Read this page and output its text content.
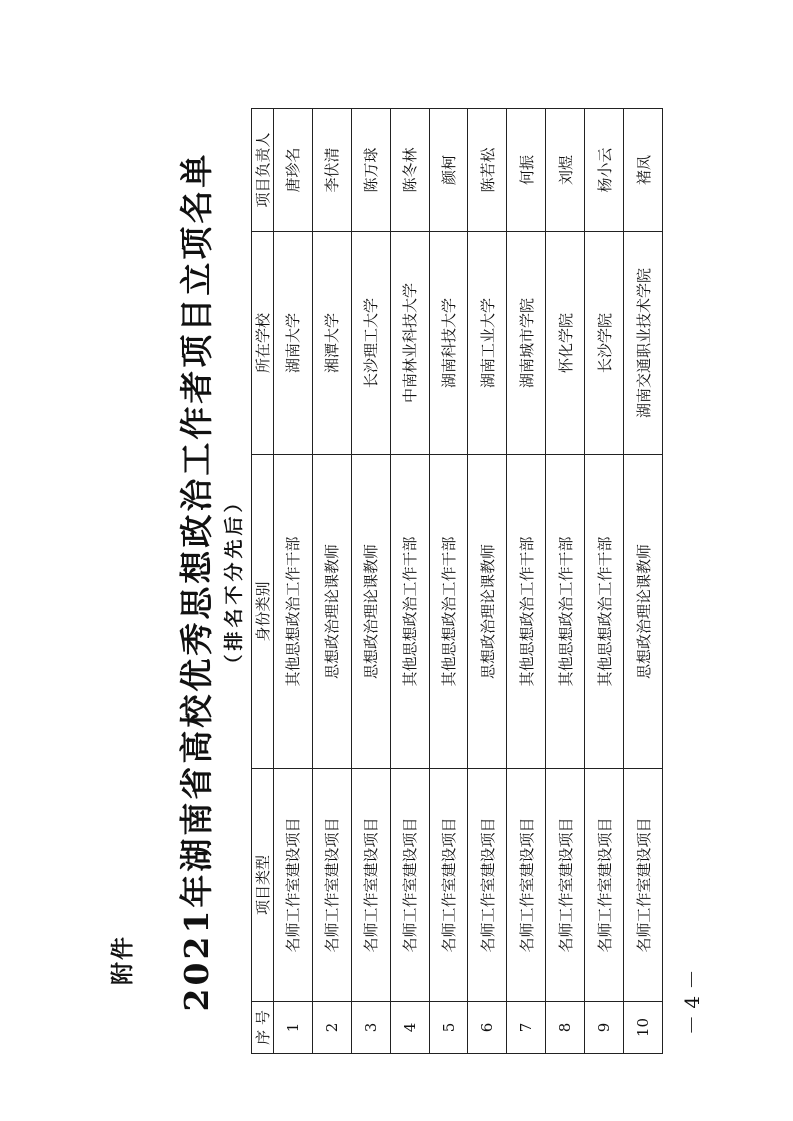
附件 2021年湖南省高校优秀思想政治工作者项目立项名单 （排名不分先后）
序 号	项目类型	身份类别	所在学校	项目负责人
1	名师工作室建设项目	其他思想政治工作干部	湖南大学	唐珍名
2	名师工作室建设项目	思想政治理论课教师	湘潭大学	李伏清
3	名师工作室建设项目	思想政治理论课教师	长沙理工大学	陈万球
4	名师工作室建设项目	其他思想政治工作干部	中南林业科技大学	陈冬林
5	名师工作室建设项目	其他思想政治工作干部	湖南科技大学	颜柯
6	名师工作室建设项目	思想政治理论课教师	湖南工业大学	陈若松
7	名师工作室建设项目	其他思想政治工作干部	湖南城市学院	何振
8	名师工作室建设项目	其他思想政治工作干部	怀化学院	刘煜
9	名师工作室建设项目	其他思想政治工作干部	长沙学院	杨小云
10	名师工作室建设项目	思想政治理论课教师	湖南交通职业技术学院	褚凤
－ 4 －
